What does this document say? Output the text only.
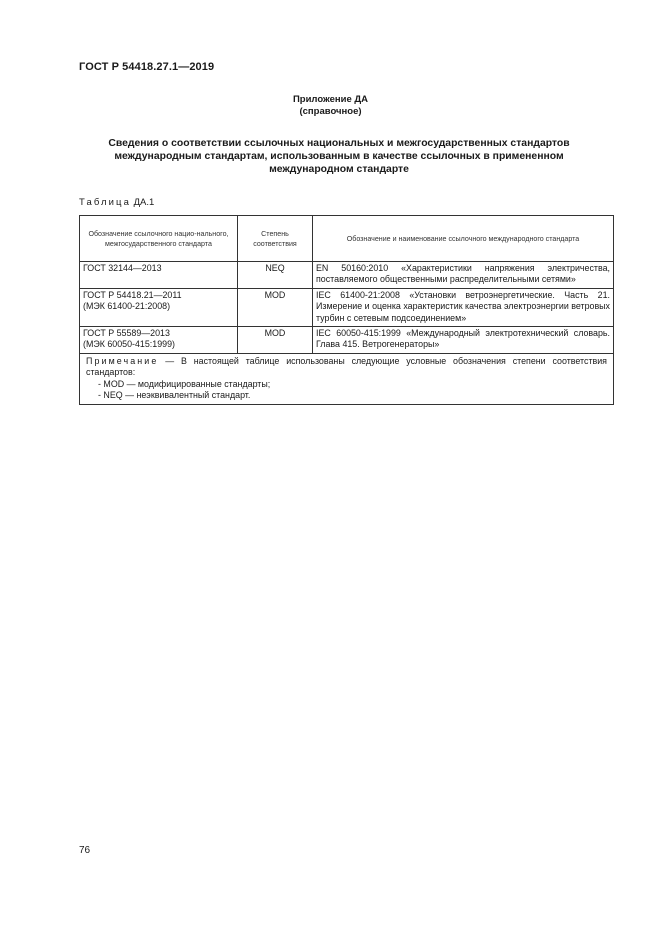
ГОСТ Р 54418.27.1—2019
Приложение ДА
(справочное)
Сведения о соответствии ссылочных национальных и межгосударственных стандартов
международным стандартам, использованным в качестве ссылочных в примененном
международном стандарте
Таблица ДА.1
Обозначение ссылочного нацио-нального, межгосударственного стандарта	Степень соответствия	Обозначение и наименование ссылочного международного стандарта

ГОСТ 32144—2013	NEQ	EN 50160:2010 «Характеристики напряжения электричества, поставляемого общественными распределительными сетями»

ГОСТ Р 54418.21—2011
(МЭК 61400-21:2008)	MOD	IEC 61400-21:2008 «Установки ветроэнергетические. Часть 21. Измерение и оценка характеристик качества электроэнергии ветровых турбин с сетевым подсоединением»

ГОСТ Р 55589—2013
(МЭК 60050-415:1999)	MOD	IEC 60050-415:1999 «Международный электротехнический словарь. Глава 415. Ветрогенераторы»
Примечание — В настоящей таблице использованы следующие условные обозначения степени соответствия стандартов:
- MOD — модифицированные стандарты;
- NEQ — неэквивалентный стандарт.		
76
